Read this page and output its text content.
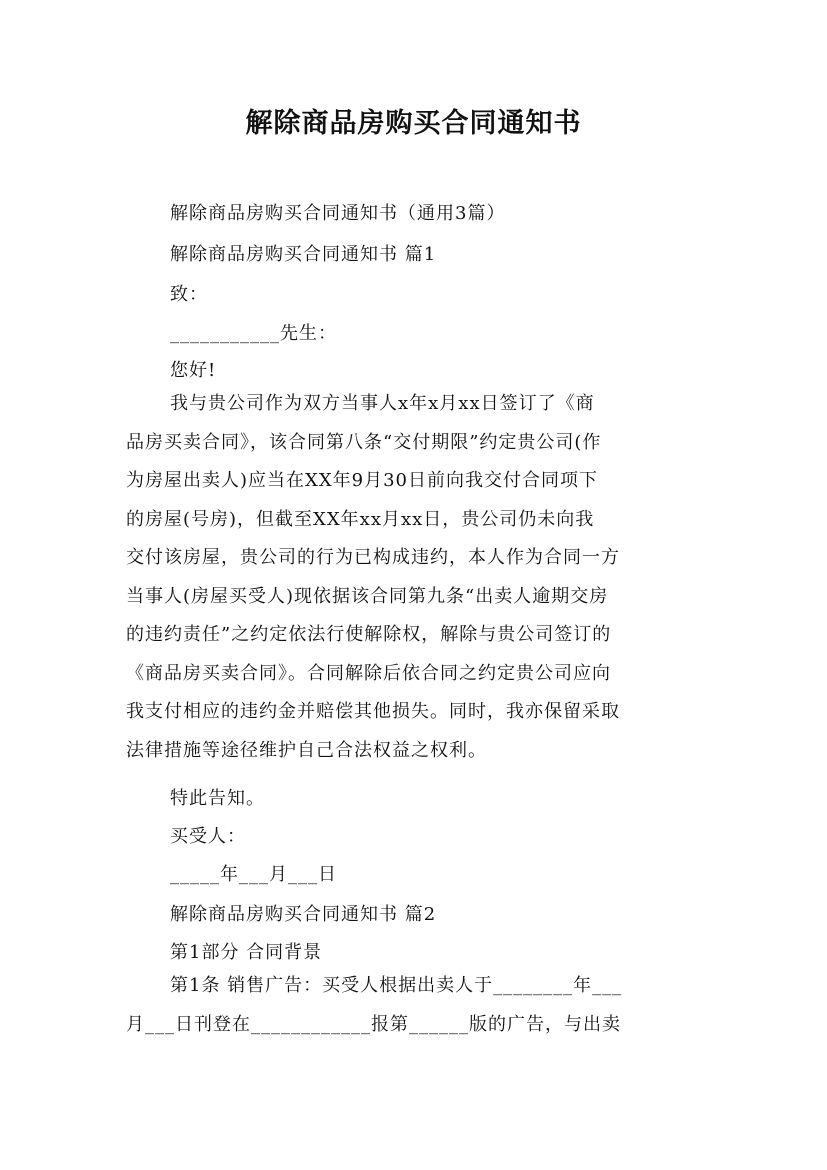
解除商品房购买合同通知书
解除商品房购买合同通知书（通用3篇）
解除商品房购买合同通知书 篇1
致：
___________先生：
您好!
我与贵公司作为双方当事人x年x月xx日签订了《商
品房买卖合同》，该合同第八条“交付期限”约定贵公司(作
为房屋出卖人)应当在XX年9月30日前向我交付合同项下
的房屋(号房)，但截至XX年xx月xx日，贵公司仍未向我
交付该房屋，贵公司的行为已构成违约，本人作为合同一方
当事人(房屋买受人)现依据该合同第九条“出卖人逾期交房
的违约责任”之约定依法行使解除权，解除与贵公司签订的
《商品房买卖合同》。合同解除后依合同之约定贵公司应向
我支付相应的违约金并赔偿其他损失。同时，我亦保留采取
法律措施等途径维护自己合法权益之权利。
特此告知。
买受人：
_____年___月___日
解除商品房购买合同通知书 篇2
第1部分 合同背景
第1条 销售广告：买受人根据出卖人于________年___
月___日刊登在____________报第______版的广告，与出卖
